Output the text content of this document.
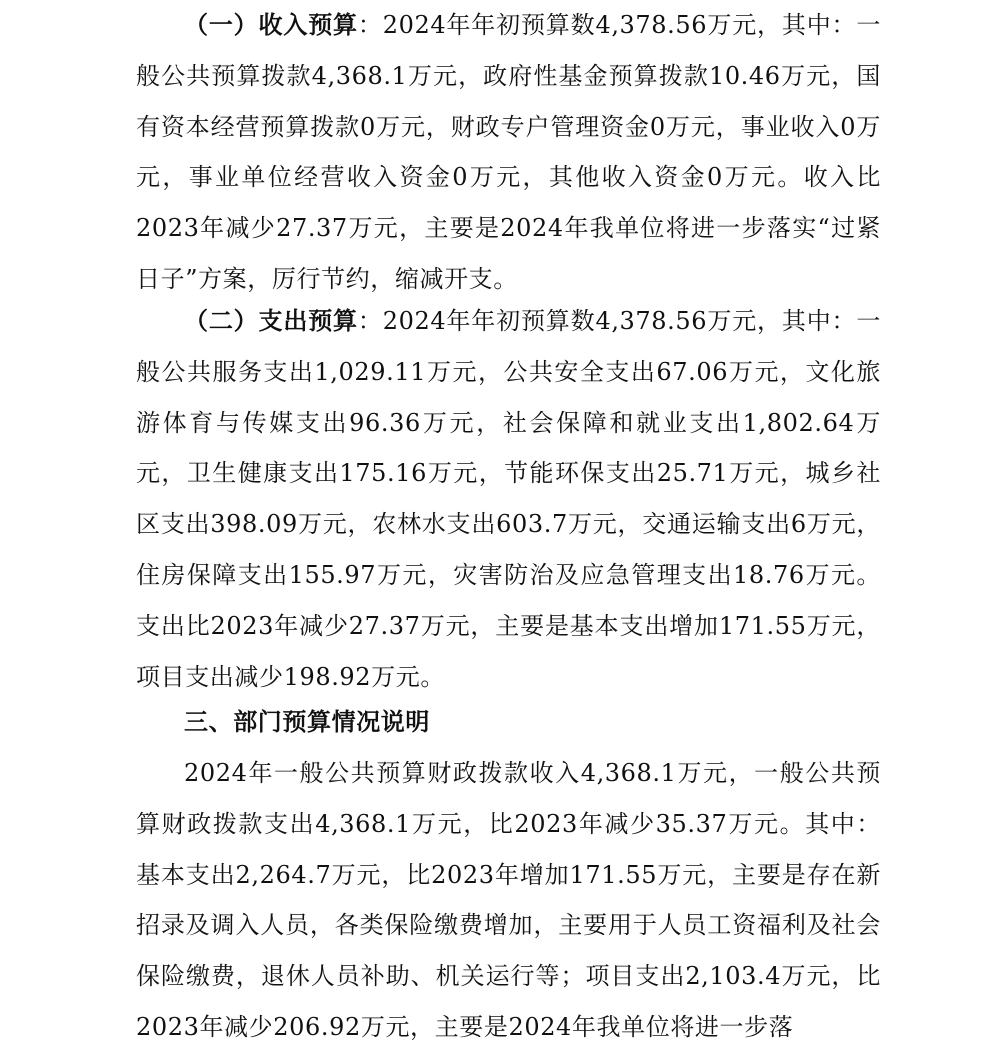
（一）收入预算：2024年年初预算数4,378.56万元，其中：一般公共预算拨款4,368.1万元，政府性基金预算拨款10.46万元，国有资本经营预算拨款0万元，财政专户管理资金0万元，事业收入0万元，事业单位经营收入资金0万元，其他收入资金0万元。收入比2023年减少27.37万元，主要是2024年我单位将进一步落实“过紧日子”方案，厉行节约，缩减开支。

（二）支出预算：2024年年初预算数4,378.56万元，其中：一般公共服务支出1,029.11万元，公共安全支出67.06万元，文化旅游体育与传媒支出96.36万元，社会保障和就业支出1,802.64万元，卫生健康支出175.16万元，节能环保支出25.71万元，城乡社区支出398.09万元，农林水支出603.7万元，交通运输支出6万元，住房保障支出155.97万元，灾害防治及应急管理支出18.76万元。支出比2023年减少27.37万元，主要是基本支出增加171.55万元，项目支出减少198.92万元。

三、部门预算情况说明

2024年一般公共预算财政拨款收入4,368.1万元，一般公共预算财政拨款支出4,368.1万元，比2023年减少35.37万元。其中：基本支出2,264.7万元，比2023年增加171.55万元，主要是存在新招录及调入人员，各类保险缴费增加，主要用于人员工资福利及社会保险缴费，退休人员补助、机关运行等；项目支出2,103.4万元，比2023年减少206.92万元，主要是2024年我单位将进一步落
